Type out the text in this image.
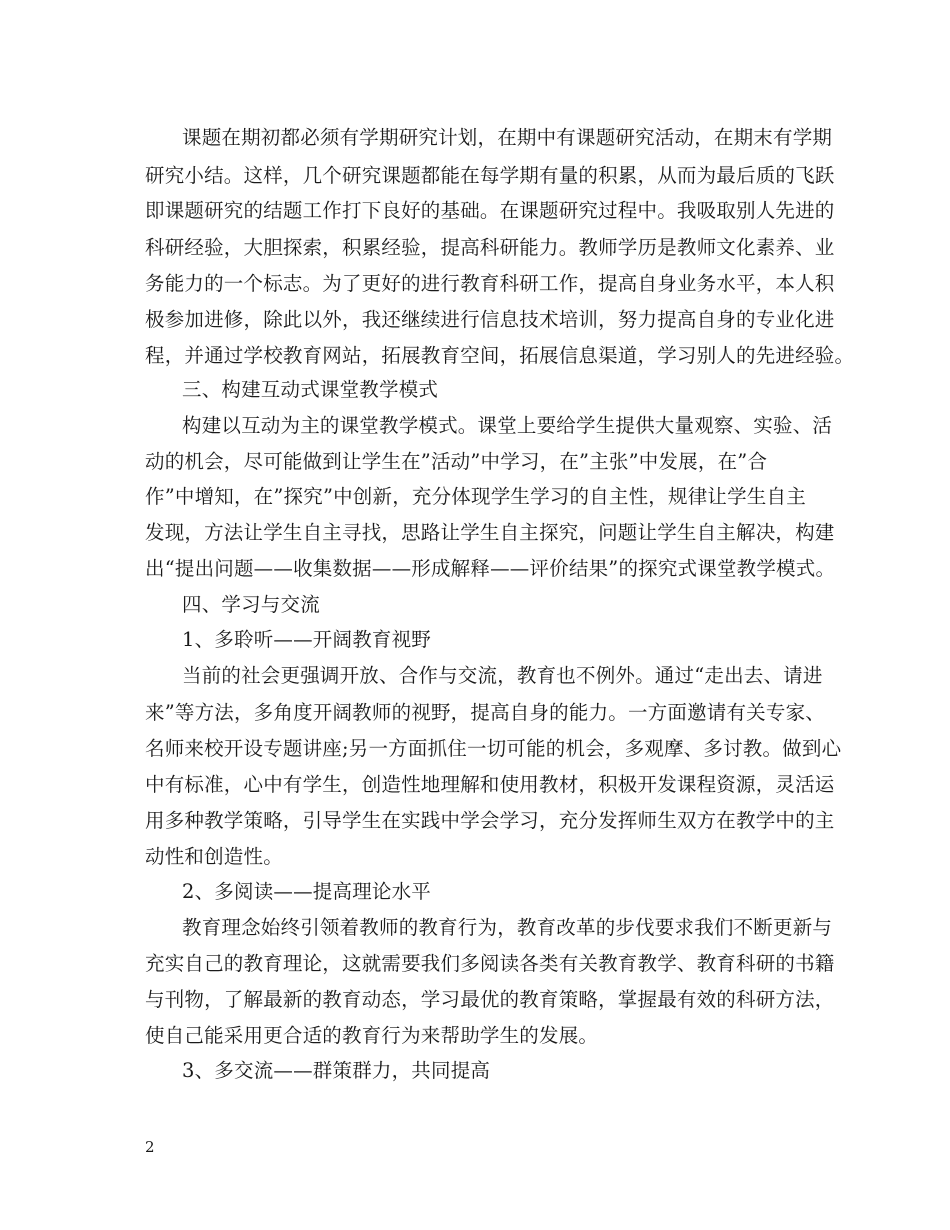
课题在期初都必须有学期研究计划，在期中有课题研究活动，在期末有学期
研究小结。这样，几个研究课题都能在每学期有量的积累，从而为最后质的飞跃
即课题研究的结题工作打下良好的基础。在课题研究过程中。我吸取别人先进的
科研经验，大胆探索，积累经验，提高科研能力。教师学历是教师文化素养、业
务能力的一个标志。为了更好的进行教育科研工作，提高自身业务水平，本人积
极参加进修，除此以外，我还继续进行信息技术培训，努力提高自身的专业化进
程，并通过学校教育网站，拓展教育空间，拓展信息渠道，学习别人的先进经验。
三、构建互动式课堂教学模式
构建以互动为主的课堂教学模式。课堂上要给学生提供大量观察、实验、活
动的机会，尽可能做到让学生在”活动”中学习，在”主张”中发展，在”合
作”中增知，在”探究”中创新，充分体现学生学习的自主性，规律让学生自主
发现，方法让学生自主寻找，思路让学生自主探究，问题让学生自主解决，构建
出“提出问题——收集数据——形成解释——评价结果”的探究式课堂教学模式。
四、学习与交流
1、多聆听——开阔教育视野
当前的社会更强调开放、合作与交流，教育也不例外。通过“走出去、请进
来”等方法，多角度开阔教师的视野，提高自身的能力。一方面邀请有关专家、
名师来校开设专题讲座;另一方面抓住一切可能的机会，多观摩、多讨教。做到心
中有标准，心中有学生，创造性地理解和使用教材，积极开发课程资源，灵活运
用多种教学策略，引导学生在实践中学会学习，充分发挥师生双方在教学中的主
动性和创造性。
2、多阅读——提高理论水平
教育理念始终引领着教师的教育行为，教育改革的步伐要求我们不断更新与
充实自己的教育理论，这就需要我们多阅读各类有关教育教学、教育科研的书籍
与刊物，了解最新的教育动态，学习最优的教育策略，掌握最有效的科研方法，
使自己能采用更合适的教育行为来帮助学生的发展。
3、多交流——群策群力，共同提高
2
